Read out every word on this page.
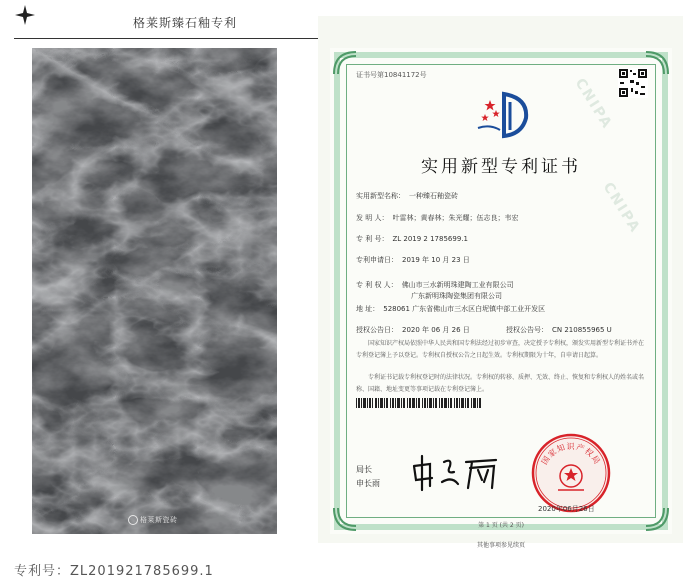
格莱斯臻石釉专利
格莱斯瓷砖
CNIPA
CNIPA
证书号第10841172号
实用新型专利证书
实用新型名称： 一种臻石釉瓷砖
发 明 人： 叶雷林；黄春林；朱光耀；伍志良；韦宏
专 利 号： ZL 2019 2 1785699.1
专利申请日： 2019 年 10 月 23 日
专 利 权 人： 佛山市三水新明珠建陶工业有限公司
广东新明珠陶瓷集团有限公司
地 址： 528061 广东省佛山市三水区白坭镇中部工业开发区
授权公告日： 2020 年 06 月 26 日	授权公告号： CN 210855965 U
国家知识产权局依照中华人民共和国专利法经过初步审查，决定授予专利权，颁发实用新型专利证书并在专利登记簿上予以登记。专利权自授权公告之日起生效。专利权期限为十年，自申请日起算。
专利证书记载专利权登记时的法律状况。专利权的转移、质押、无效、终止、恢复和专利权人的姓名或名称、国籍、地址变更等事项记载在专利登记簿上。
局长
申长雨
国家知识产权局
2020年06月26日
第 1 页 (共 2 页)
其他事项参见续页
专利号：ZL201921785699.1
